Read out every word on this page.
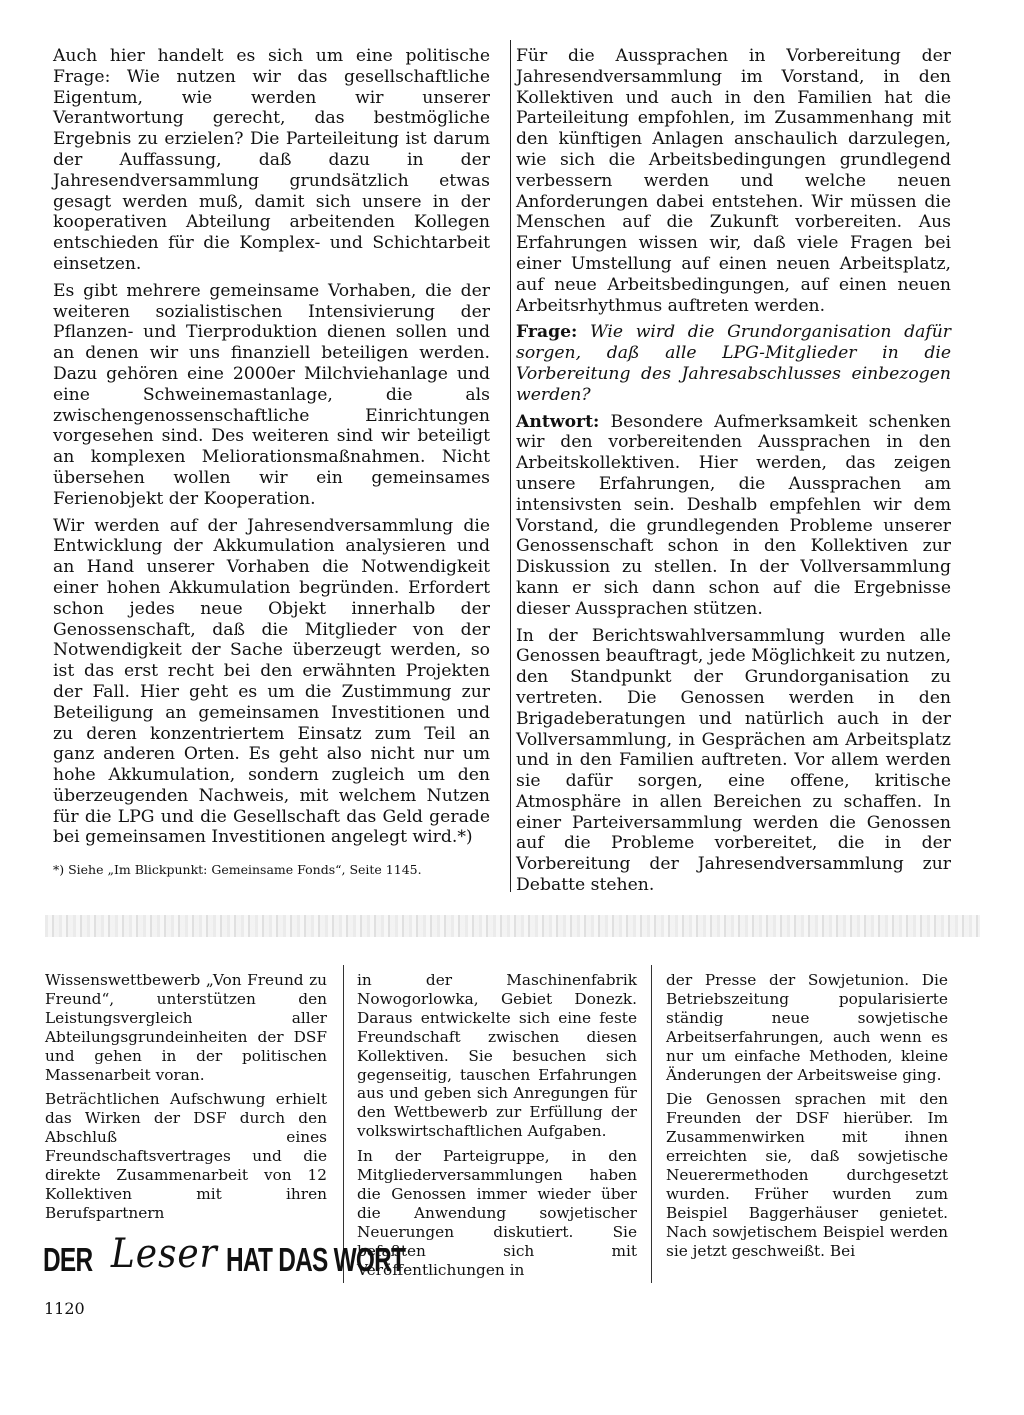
Auch hier handelt es sich um eine politische Frage: Wie nutzen wir das gesellschaftliche Eigentum, wie werden wir unserer Verantwortung gerecht, das bestmögliche Ergebnis zu erzielen? Die Parteileitung ist darum der Auffassung, daß dazu in der Jahresendversammlung grundsätzlich etwas gesagt werden muß, damit sich unsere in der kooperativen Abteilung arbeitenden Kollegen entschieden für die Komplex- und Schichtarbeit einsetzen.

Es gibt mehrere gemeinsame Vorhaben, die der weiteren sozialistischen Intensivierung der Pflanzen- und Tierproduktion dienen sollen und an denen wir uns finanziell beteiligen werden. Dazu gehören eine 2000er Milchviehanlage und eine Schweinemastanlage, die als zwischengenossenschaftliche Einrichtungen vorgesehen sind. Des weiteren sind wir beteiligt an komplexen Meliorationsmaßnahmen. Nicht übersehen wollen wir ein gemeinsames Ferienobjekt der Kooperation.

Wir werden auf der Jahresendversammlung die Entwicklung der Akkumulation analysieren und an Hand unserer Vorhaben die Notwendigkeit einer hohen Akkumulation begründen. Erfordert schon jedes neue Objekt innerhalb der Genossenschaft, daß die Mitglieder von der Notwendigkeit der Sache überzeugt werden, so ist das erst recht bei den erwähnten Projekten der Fall. Hier geht es um die Zustimmung zur Beteiligung an gemeinsamen Investitionen und zu deren konzentriertem Einsatz zum Teil an ganz anderen Orten. Es geht also nicht nur um hohe Akkumulation, sondern zugleich um den überzeugenden Nachweis, mit welchem Nutzen für die LPG und die Gesellschaft das Geld gerade bei gemeinsamen Investitionen angelegt wird.*)

*) Siehe „Im Blickpunkt: Gemeinsame Fonds“, Seite 1145.

Für die Aussprachen in Vorbereitung der Jahresendversammlung im Vorstand, in den Kollektiven und auch in den Familien hat die Parteileitung empfohlen, im Zusammenhang mit den künftigen Anlagen anschaulich darzulegen, wie sich die Arbeitsbedingungen grundlegend verbessern werden und welche neuen Anforderungen dabei entstehen. Wir müssen die Menschen auf die Zukunft vorbereiten. Aus Erfahrungen wissen wir, daß viele Fragen bei einer Umstellung auf einen neuen Arbeitsplatz, auf neue Arbeitsbedingungen, auf einen neuen Arbeitsrhythmus auftreten werden.

Frage: Wie wird die Grundorganisation dafür sorgen, daß alle LPG-Mitglieder in die Vorbereitung des Jahresabschlusses einbezogen werden?

Antwort: Besondere Aufmerksamkeit schenken wir den vorbereitenden Aussprachen in den Arbeitskollektiven. Hier werden, das zeigen unsere Erfahrungen, die Aussprachen am intensivsten sein. Deshalb empfehlen wir dem Vorstand, die grundlegenden Probleme unserer Genossenschaft schon in den Kollektiven zur Diskussion zu stellen. In der Vollversammlung kann er sich dann schon auf die Ergebnisse dieser Aussprachen stützen.

In der Berichtswahlversammlung wurden alle Genossen beauftragt, jede Möglichkeit zu nutzen, den Standpunkt der Grundorganisation zu vertreten. Die Genossen werden in den Brigadeberatungen und natürlich auch in der Vollversammlung, in Gesprächen am Arbeitsplatz und in den Familien auftreten. Vor allem werden sie dafür sorgen, eine offene, kritische Atmosphäre in allen Bereichen zu schaffen. In einer Parteiversammlung werden die Genossen auf die Probleme vorbereitet, die in der Vorbereitung der Jahresendversammlung zur Debatte stehen.

Wissenswettbewerb „Von Freund zu Freund“, unterstützen den Leistungsvergleich aller Abteilungsgrundeinheiten der DSF und gehen in der politischen Massenarbeit voran.

Beträchtlichen Aufschwung erhielt das Wirken der DSF durch den Abschluß eines Freundschaftsvertrages und die direkte Zusammenarbeit von 12 Kollektiven mit ihren Berufspartnern

in der Maschinenfabrik Nowogorlowka, Gebiet Donezk. Daraus entwickelte sich eine feste Freundschaft zwischen diesen Kollektiven. Sie besuchen sich gegenseitig, tauschen Erfahrungen aus und geben sich Anregungen für den Wettbewerb zur Erfüllung der volkswirtschaftlichen Aufgaben.

In der Parteigruppe, in den Mitgliederversammlungen haben die Genossen immer wieder über die Anwendung sowjetischer Neuerungen diskutiert. Sie befaßten sich mit Veröffentlichungen in

der Presse der Sowjetunion. Die Betriebszeitung popularisierte ständig neue sowjetische Arbeitserfahrungen, auch wenn es nur um einfache Methoden, kleine Änderungen der Arbeitsweise ging.

Die Genossen sprachen mit den Freunden der DSF hierüber. Im Zusammenwirken mit ihnen erreichten sie, daß sowjetische Neuerermethoden durchgesetzt wurden. Früher wurden zum Beispiel Baggerhäuser genietet. Nach sowjetischem Beispiel werden sie jetzt geschweißt. Bei

DER Leser HAT DAS WORT
1120
